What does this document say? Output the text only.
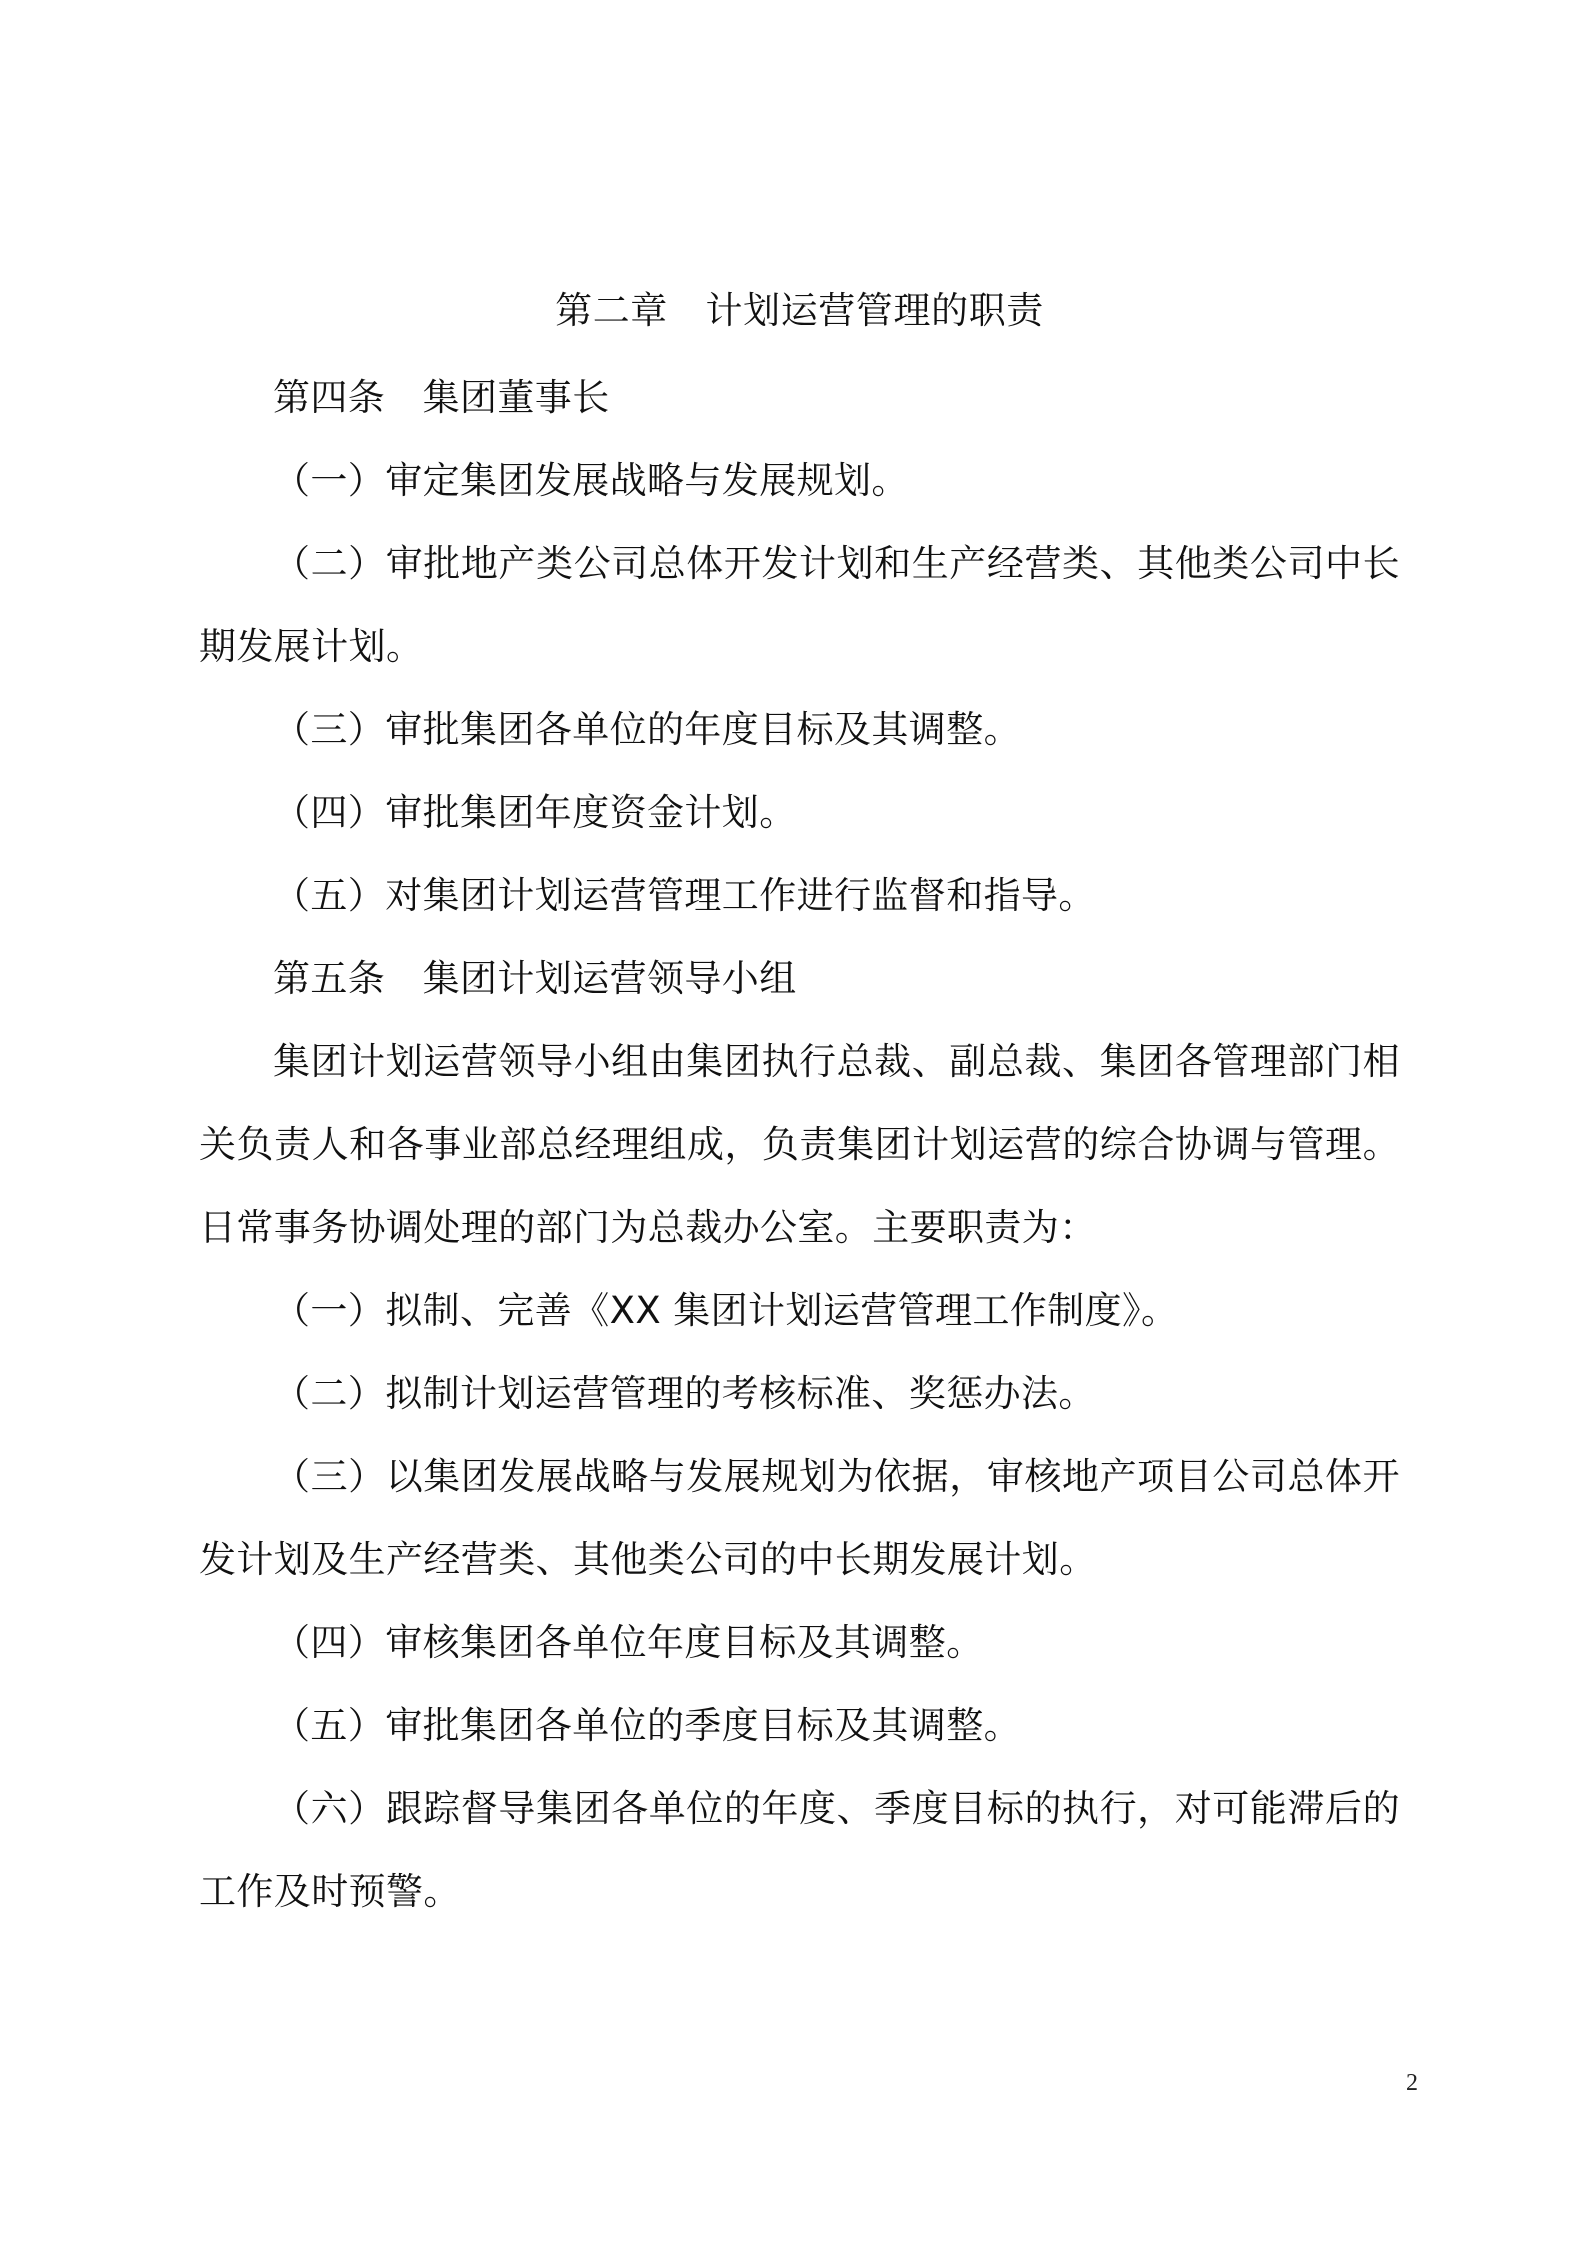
第二章　计划运营管理的职责

第四条　集团董事长

（一）审定集团发展战略与发展规划。

（二）审批地产类公司总体开发计划和生产经营类、其他类公司中长期发展计划。

（三）审批集团各单位的年度目标及其调整。

（四）审批集团年度资金计划。

（五）对集团计划运营管理工作进行监督和指导。

第五条　集团计划运营领导小组

集团计划运营领导小组由集团执行总裁、副总裁、集团各管理部门相关负责人和各事业部总经理组成，负责集团计划运营的综合协调与管理。日常事务协调处理的部门为总裁办公室。主要职责为：

（一）拟制、完善《XX 集团计划运营管理工作制度》。

（二）拟制计划运营管理的考核标准、奖惩办法。

（三）以集团发展战略与发展规划为依据，审核地产项目公司总体开发计划及生产经营类、其他类公司的中长期发展计划。

（四）审核集团各单位年度目标及其调整。

（五）审批集团各单位的季度目标及其调整。

（六）跟踪督导集团各单位的年度、季度目标的执行，对可能滞后的工作及时预警。

2
